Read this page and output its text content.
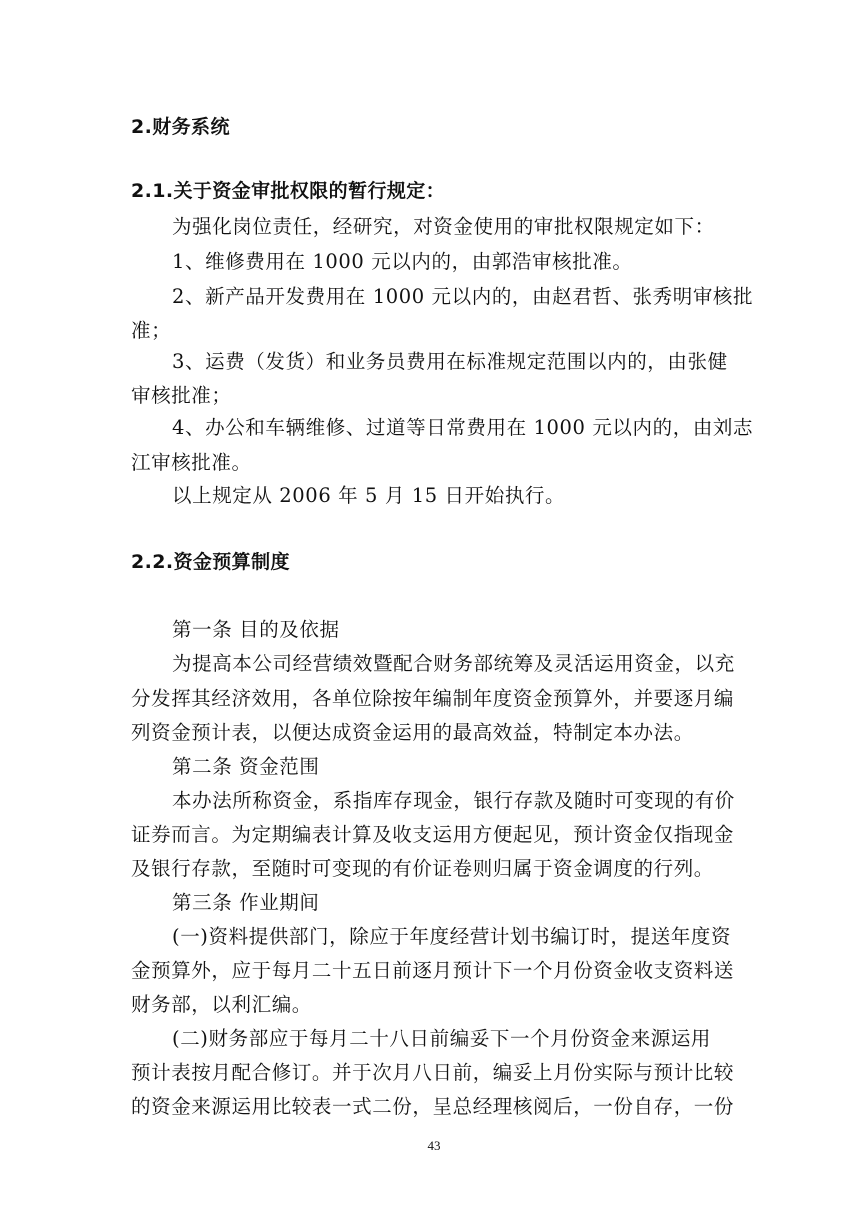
2.财务系统
2.1.关于资金审批权限的暂行规定：
为强化岗位责任，经研究，对资金使用的审批权限规定如下：
1、维修费用在 1000 元以内的，由郭浩审核批准。
2、新产品开发费用在 1000 元以内的，由赵君哲、张秀明审核批
准；
3、运费（发货）和业务员费用在标准规定范围以内的，由张健
审核批准；
4、办公和车辆维修、过道等日常费用在 1000 元以内的，由刘志
江审核批准。
以上规定从 2006 年 5 月 15 日开始执行。
2.2.资金预算制度
第一条 目的及依据
为提高本公司经营绩效暨配合财务部统筹及灵活运用资金，以充
分发挥其经济效用，各单位除按年编制年度资金预算外，并要逐月编
列资金预计表，以便达成资金运用的最高效益，特制定本办法。
第二条 资金范围
本办法所称资金，系指库存现金，银行存款及随时可变现的有价
证券而言。为定期编表计算及收支运用方便起见，预计资金仅指现金
及银行存款，至随时可变现的有价证卷则归属于资金调度的行列。
第三条 作业期间
(一)资料提供部门，除应于年度经营计划书编订时，提送年度资
金预算外，应于每月二十五日前逐月预计下一个月份资金收支资料送
财务部，以利汇编。
(二)财务部应于每月二十八日前编妥下一个月份资金来源运用
预计表按月配合修订。并于次月八日前，编妥上月份实际与预计比较
的资金来源运用比较表一式二份，呈总经理核阅后，一份自存，一份
43
